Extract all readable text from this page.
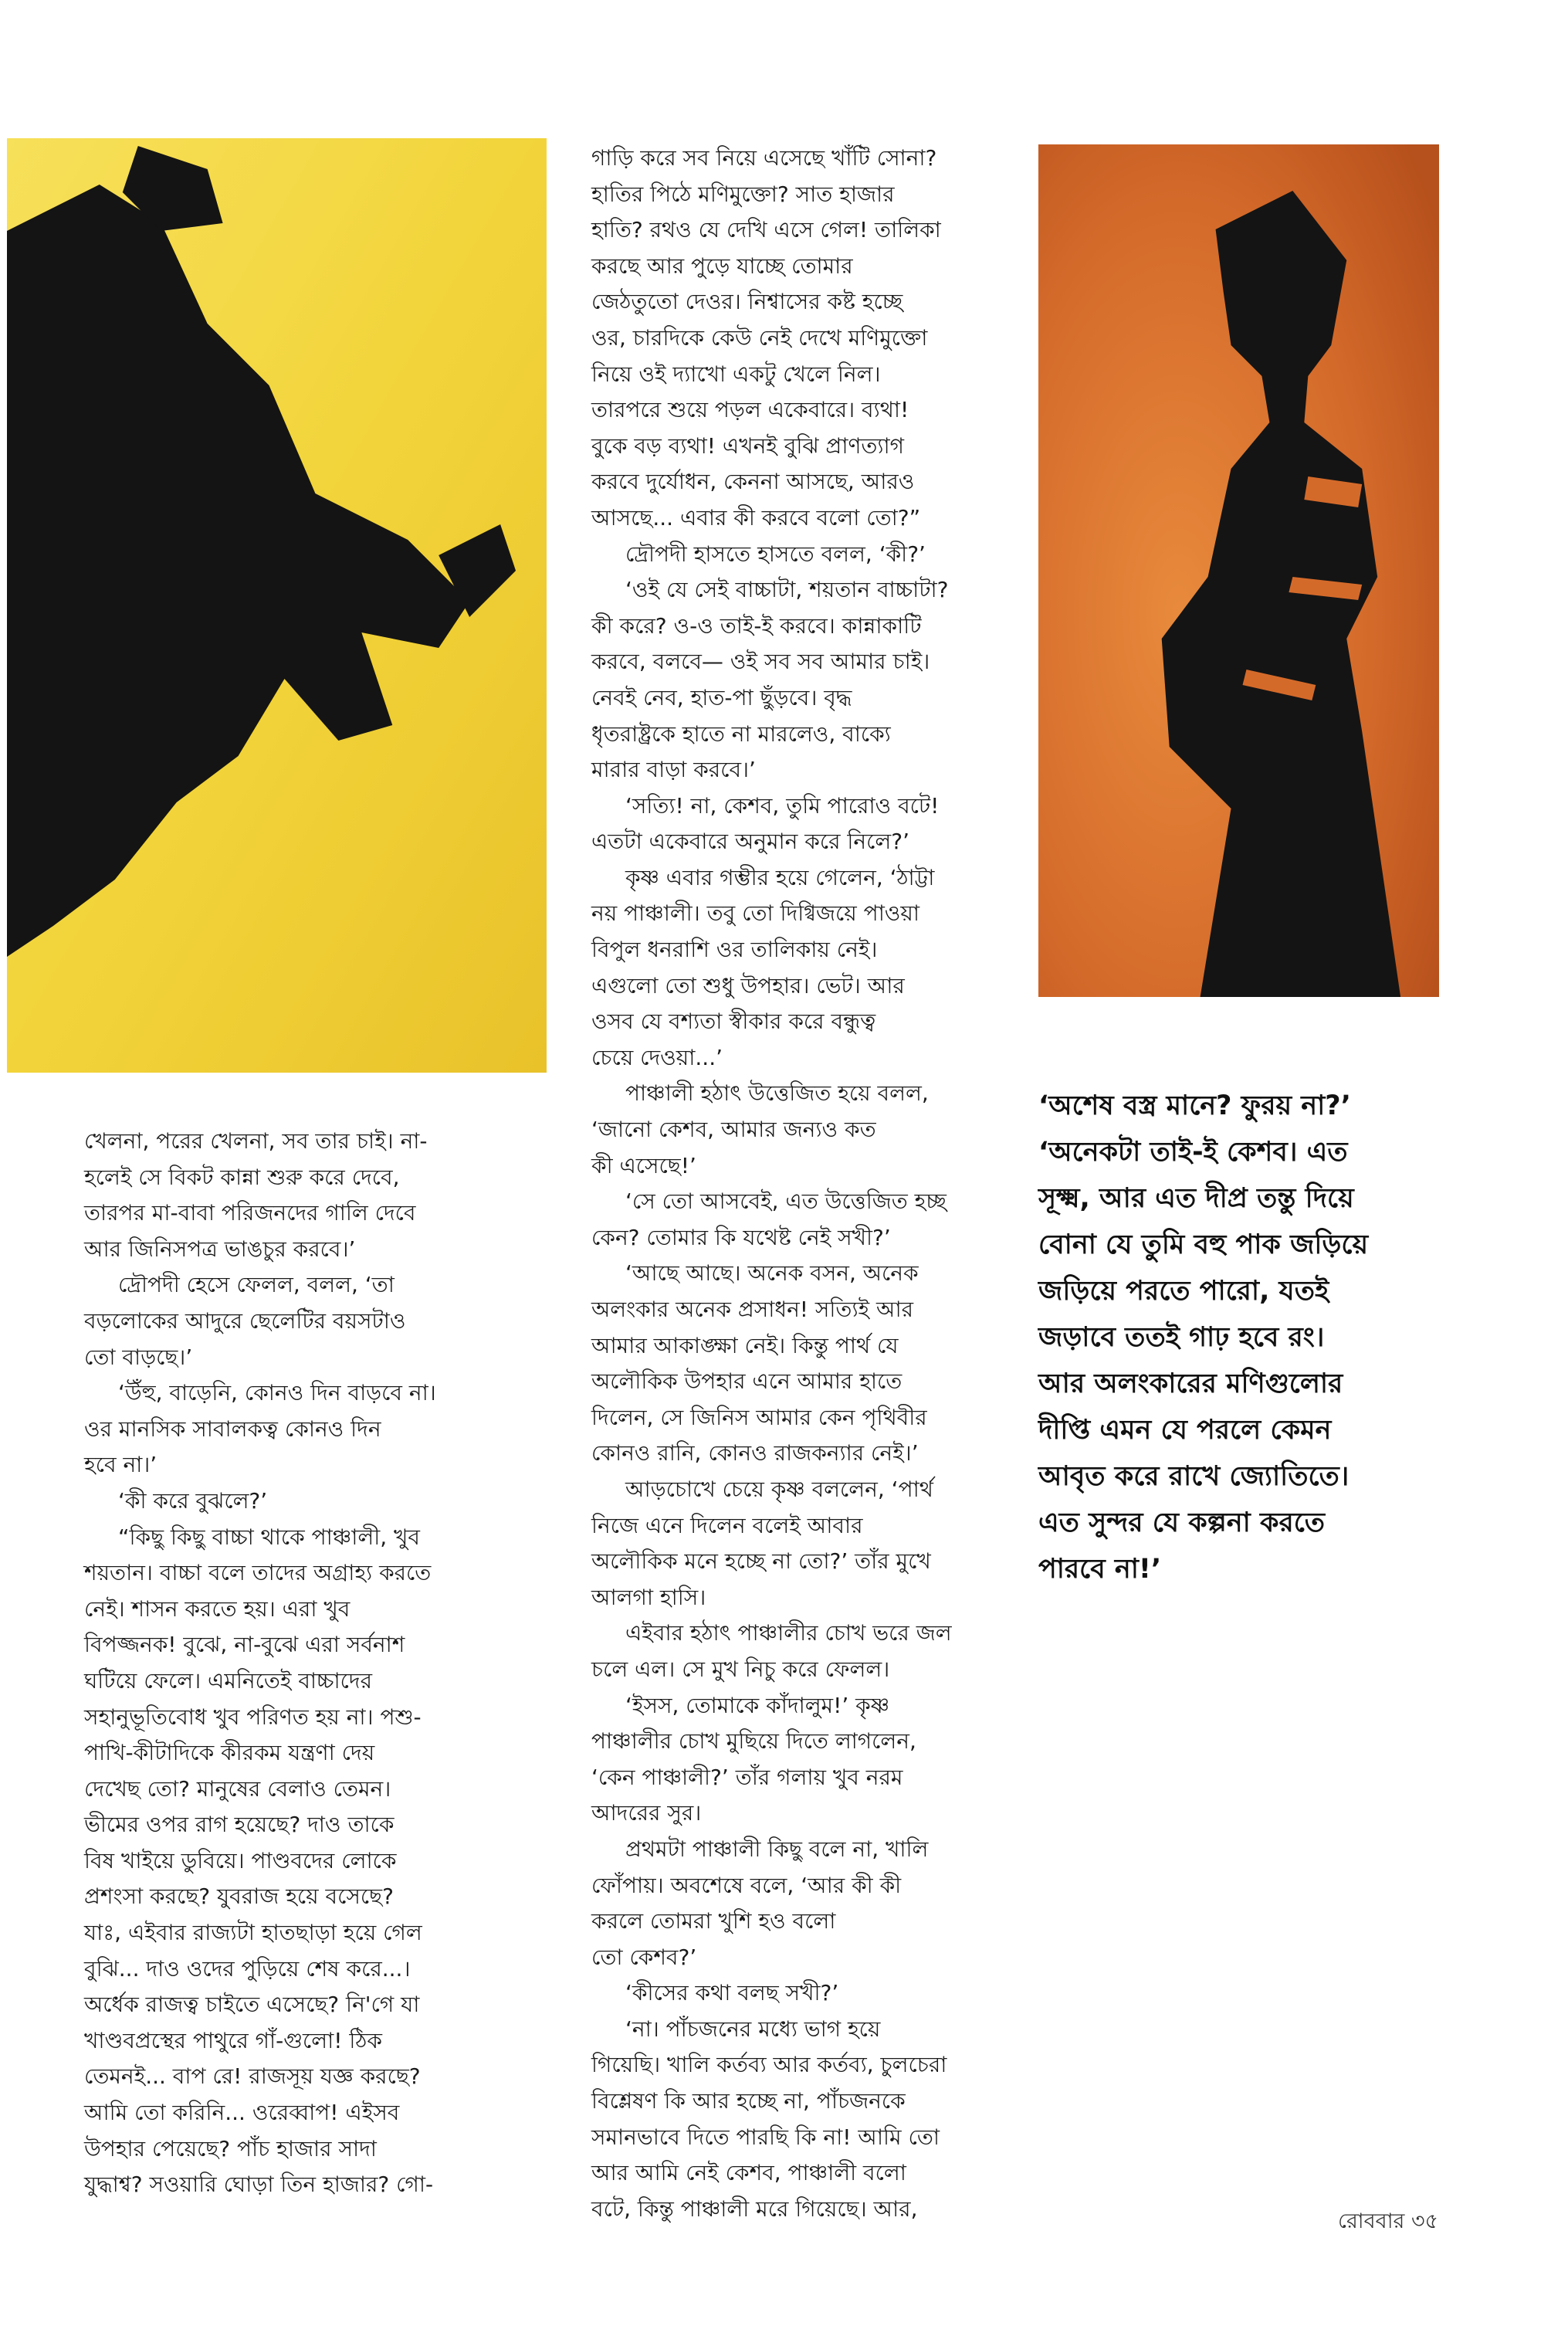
খেলনা, পরের খেলনা, সব তার চাই। না-

হলেই সে বিকট কান্না শুরু করে দেবে,

তারপর মা-বাবা পরিজনদের গালি দেবে

আর জিনিসপত্র ভাঙচুর করবে।’

দ্রৌপদী হেসে ফেলল, বলল, ‘তা

বড়লোকের আদুরে ছেলেটির বয়সটাও

তো বাড়ছে।’

‘উঁহু, বাড়েনি, কোনও দিন বাড়বে না।

ওর মানসিক সাবালকত্ব কোনও দিন

হবে না।’

‘কী করে বুঝলে?’

“কিছু কিছু বাচ্চা থাকে পাঞ্চালী, খুব

শয়তান। বাচ্চা বলে তাদের অগ্রাহ্য করতে

নেই। শাসন করতে হয়। এরা খুব

বিপজ্জনক! বুঝে, না-বুঝে এরা সর্বনাশ

ঘটিয়ে ফেলে। এমনিতেই বাচ্চাদের

সহানুভূতিবোধ খুব পরিণত হয় না। পশু-

পাখি-কীটাদিকে কীরকম যন্ত্রণা দেয়

দেখেছ তো? মানুষের বেলাও তেমন।

ভীমের ওপর রাগ হয়েছে? দাও তাকে

বিষ খাইয়ে ডুবিয়ে। পাণ্ডবদের লোকে

প্রশংসা করছে? যুবরাজ হয়ে বসেছে?

যাঃ, এইবার রাজ্যটা হাতছাড়া হয়ে গেল

বুঝি... দাও ওদের পুড়িয়ে শেষ করে...।

অর্ধেক রাজত্ব চাইতে এসেছে? নি'গে যা

খাণ্ডবপ্রস্থের পাথুরে গাঁ-গুলো! ঠিক

তেমনই... বাপ রে! রাজসূয় যজ্ঞ করছে?

আমি তো করিনি... ওরেব্বাপ! এইসব

উপহার পেয়েছে? পাঁচ হাজার সাদা

যুদ্ধাশ্ব? সওয়ারি ঘোড়া তিন হাজার? গো-

গাড়ি করে সব নিয়ে এসেছে খাঁটি সোনা?

হাতির পিঠে মণিমুক্তো? সাত হাজার

হাতি? রথও যে দেখি এসে গেল! তালিকা

করছে আর পুড়ে যাচ্ছে তোমার

জেঠতুতো দেওর। নিশ্বাসের কষ্ট হচ্ছে

ওর, চারদিকে কেউ নেই দেখে মণিমুক্তো

নিয়ে ওই দ্যাখো একটু খেলে নিল।

তারপরে শুয়ে পড়ল একেবারে। ব্যথা!

বুকে বড় ব্যথা! এখনই বুঝি প্রাণত্যাগ

করবে দুর্যোধন, কেননা আসছে, আরও

আসছে... এবার কী করবে বলো তো?”

দ্রৌপদী হাসতে হাসতে বলল, ‘কী?’

‘ওই যে সেই বাচ্চাটা, শয়তান বাচ্চাটা?

কী করে? ও-ও তাই-ই করবে। কান্নাকাটি

করবে, বলবে— ওই সব সব আমার চাই।

নেবই নেব, হাত-পা ছুঁড়বে। বৃদ্ধ

ধৃতরাষ্ট্রকে হাতে না মারলেও, বাক্যে

মারার বাড়া করবে।’

‘সত্যি! না, কেশব, তুমি পারোও বটে!

এতটা একেবারে অনুমান করে নিলে?’

কৃষ্ণ এবার গম্ভীর হয়ে গেলেন, ‘ঠাট্টা

নয় পাঞ্চালী। তবু তো দিগ্বিজয়ে পাওয়া

বিপুল ধনরাশি ওর তালিকায় নেই।

এগুলো তো শুধু উপহার। ভেট। আর

ওসব যে বশ্যতা স্বীকার করে বন্ধুত্ব

চেয়ে দেওয়া...’

পাঞ্চালী হঠাৎ উত্তেজিত হয়ে বলল,

‘জানো কেশব, আমার জন্যও কত

কী এসেছে!’

‘সে তো আসবেই, এত উত্তেজিত হচ্ছ

কেন? তোমার কি যথেষ্ট নেই সখী?’

‘আছে আছে। অনেক বসন, অনেক

অলংকার অনেক প্রসাধন! সত্যিই আর

আমার আকাঙ্ক্ষা নেই। কিন্তু পার্থ যে

অলৌকিক উপহার এনে আমার হাতে

দিলেন, সে জিনিস আমার কেন পৃথিবীর

কোনও রানি, কোনও রাজকন্যার নেই।’

আড়চোখে চেয়ে কৃষ্ণ বললেন, ‘পার্থ

নিজে এনে দিলেন বলেই আবার

অলৌকিক মনে হচ্ছে না তো?’ তাঁর মুখে

আলগা হাসি।

এইবার হঠাৎ পাঞ্চালীর চোখ ভরে জল

চলে এল। সে মুখ নিচু করে ফেলল।

‘ইসস, তোমাকে কাঁদালুম!’ কৃষ্ণ

পাঞ্চালীর চোখ মুছিয়ে দিতে লাগলেন,

‘কেন পাঞ্চালী?’ তাঁর গলায় খুব নরম

আদরের সুর।

প্রথমটা পাঞ্চালী কিছু বলে না, খালি

ফোঁপায়। অবশেষে বলে, ‘আর কী কী

করলে তোমরা খুশি হও বলো

তো কেশব?’

‘কীসের কথা বলছ সখী?’

‘না। পাঁচজনের মধ্যে ভাগ হয়ে

গিয়েছি। খালি কর্তব্য আর কর্তব্য, চুলচেরা

বিশ্লেষণ কি আর হচ্ছে না, পাঁচজনকে

সমানভাবে দিতে পারছি কি না! আমি তো

আর আমি নেই কেশব, পাঞ্চালী বলো

বটে, কিন্তু পাঞ্চালী মরে গিয়েছে। আর,

‘অশেষ বস্ত্র মানে? ফুরয় না?’

‘অনেকটা তাই-ই কেশব। এত

সূক্ষ্ম, আর এত দীপ্র তন্তু দিয়ে

বোনা যে তুমি বহু পাক জড়িয়ে

জড়িয়ে পরতে পারো, যতই

জড়াবে ততই গাঢ় হবে রং।

আর অলংকারের মণিগুলোর

দীপ্তি এমন যে পরলে কেমন

আবৃত করে রাখে জ্যোতিতে।

এত সুন্দর যে কল্পনা করতে

পারবে না!’

রোববার ৩৫
